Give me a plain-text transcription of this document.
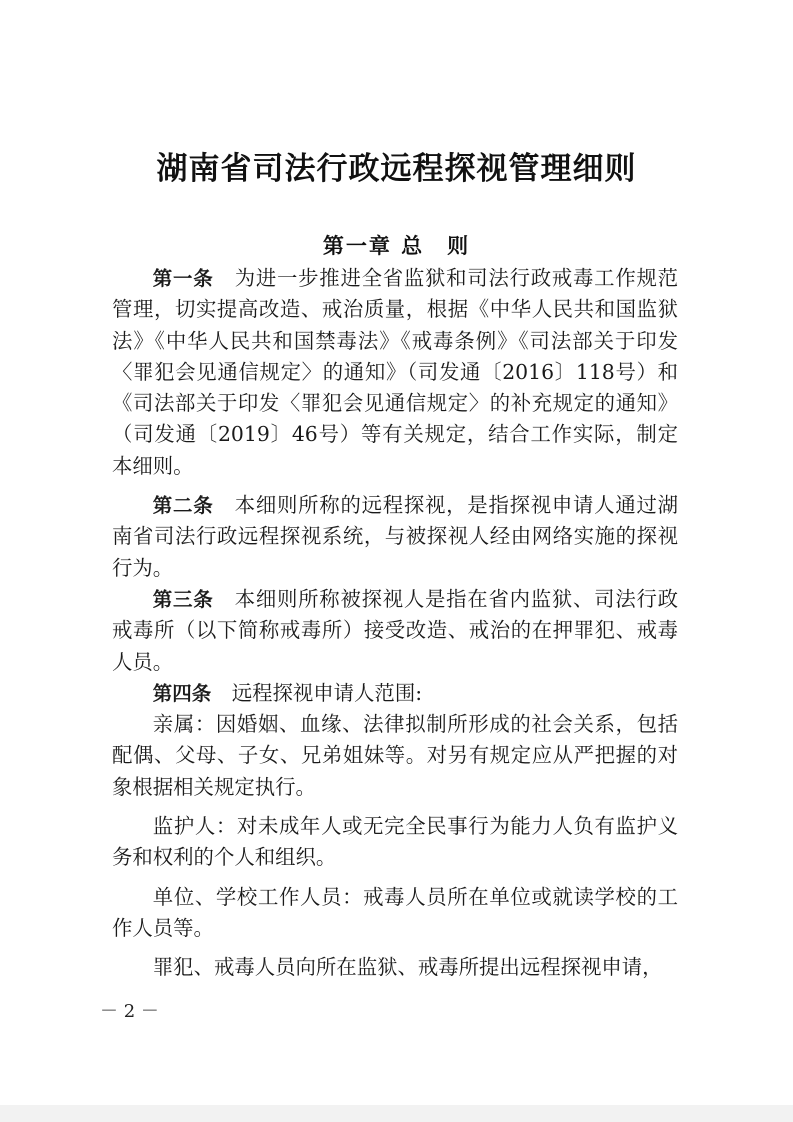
湖南省司法行政远程探视管理细则
第一章 总　则

第一条　 为进一步推进全省监狱和司法行政戒毒工作规范管理，切实提高改造、戒治质量，根据《中华人民共和国监狱法》《中华人民共和国禁毒法》《戒毒条例》《司法部关于印发〈罪犯会见通信规定〉的通知》（司发通〔2016〕118号）和《司法部关于印发〈罪犯会见通信规定〉的补充规定的通知》（司发通〔2019〕46号）等有关规定，结合工作实际，制定本细则。

第二条　 本细则所称的远程探视，是指探视申请人通过湖南省司法行政远程探视系统，与被探视人经由网络实施的探视行为。

第三条　 本细则所称被探视人是指在省内监狱、司法行政戒毒所（以下简称戒毒所）接受改造、戒治的在押罪犯、戒毒人员。

第四条　 远程探视申请人范围:

亲属：因婚姻、血缘、法律拟制所形成的社会关系，包括配偶、父母、子女、兄弟姐妹等。对另有规定应从严把握的对象根据相关规定执行。

监护人：对未成年人或无完全民事行为能力人负有监护义务和权利的个人和组织。

单位、学校工作人员：戒毒人员所在单位或就读学校的工作人员等。

罪犯、戒毒人员向所在监狱、戒毒所提出远程探视申请，

－ 2 －
